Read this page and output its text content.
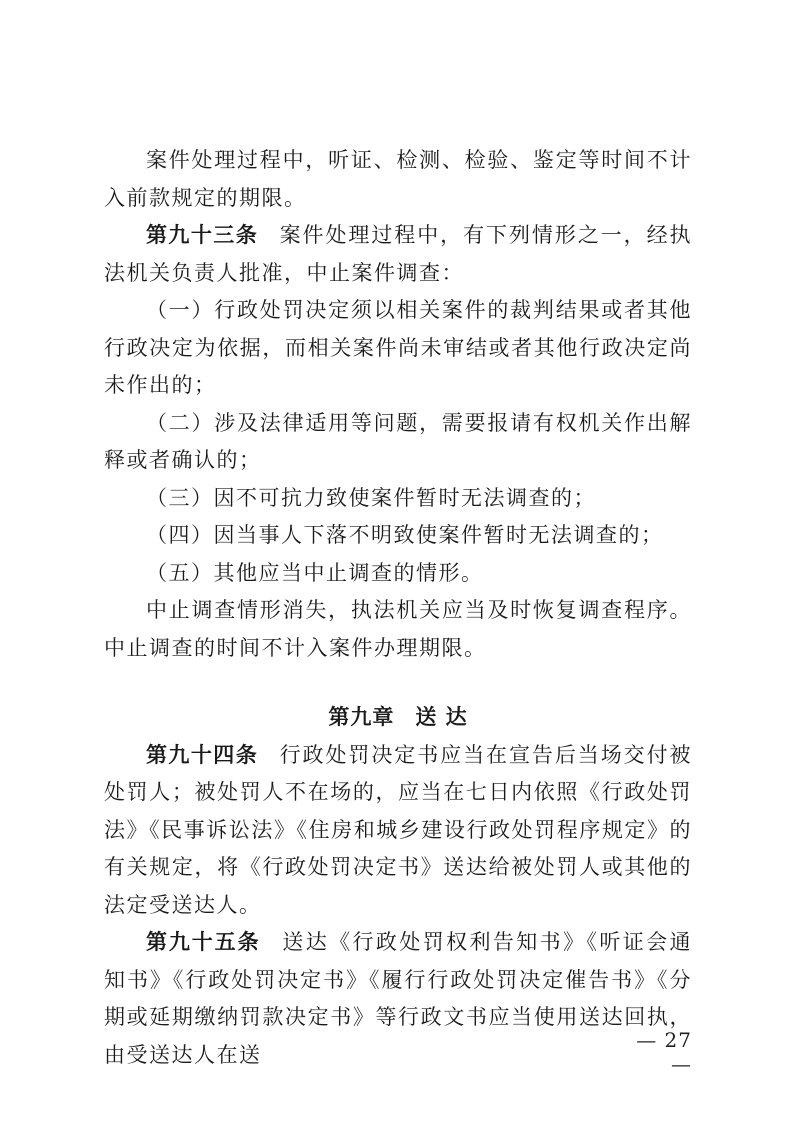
案件处理过程中，听证、检测、检验、鉴定等时间不计入前款规定的期限。

第九十三条 案件处理过程中，有下列情形之一，经执法机关负责人批准，中止案件调查：

（一）行政处罚决定须以相关案件的裁判结果或者其他行政决定为依据，而相关案件尚未审结或者其他行政决定尚未作出的；

（二）涉及法律适用等问题，需要报请有权机关作出解释或者确认的；

（三）因不可抗力致使案件暂时无法调查的；

（四）因当事人下落不明致使案件暂时无法调查的；

（五）其他应当中止调查的情形。

中止调查情形消失，执法机关应当及时恢复调查程序。中止调查的时间不计入案件办理期限。

第九章 送 达

第九十四条 行政处罚决定书应当在宣告后当场交付被处罚人；被处罚人不在场的，应当在七日内依照《行政处罚法》《民事诉讼法》《住房和城乡建设行政处罚程序规定》的有关规定，将《行政处罚决定书》送达给被处罚人或其他的法定受送达人。

第九十五条 送达《行政处罚权利告知书》《听证会通知书》《行政处罚决定书》《履行行政处罚决定催告书》《分期或延期缴纳罚款决定书》等行政文书应当使用送达回执，由受送达人在送

— 27 —
